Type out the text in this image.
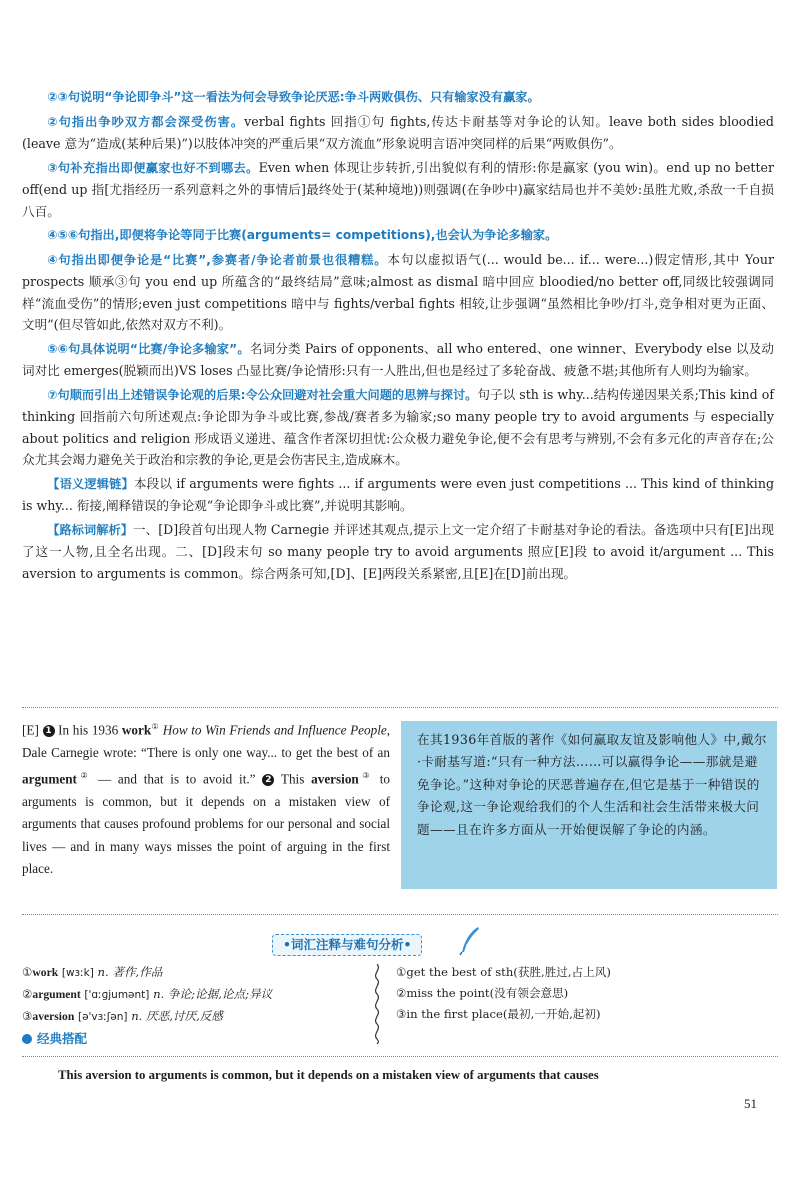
②③句说明“争论即争斗”这一看法为何会导致争论厌恶:争斗两败俱伤、只有输家没有赢家。

②句指出争吵双方都会深受伤害。verbal fights 回指①句 fights,传达卡耐基等对争论的认知。leave both sides bloodied (leave 意为“造成(某种后果)”)以肢体冲突的严重后果“双方流血”形象说明言语冲突同样的后果“两败俱伤”。

③句补充指出即便赢家也好不到哪去。Even when 体现让步转折,引出貌似有利的情形:你是赢家 (you win)。end up no better off(end up 指[尤指经历一系列意料之外的事情后]最终处于(某种境地))则强调(在争吵中)赢家结局也并不美妙:虽胜尤败,杀敌一千自损八百。

④⑤⑥句指出,即便将争论等同于比赛(arguments= competitions),也会认为争论多输家。

④句指出即便争论是“比赛”,参赛者/争论者前景也很糟糕。本句以虚拟语气(... would be... if... were...)假定情形,其中 Your prospects 顺承③句 you end up 所蕴含的“最终结局”意味;almost as dismal 暗中回应 bloodied/no better off,同级比较强调同样“流血受伤”的情形;even just competitions 暗中与 fights/verbal fights 相较,让步强调“虽然相比争吵/打斗,竞争相对更为正面、文明”(但尽管如此,依然对双方不利)。

⑤⑥句具体说明“比赛/争论多输家”。名词分类 Pairs of opponents、all who entered、one winner、Everybody else 以及动词对比 emerges(脱颖而出)VS loses 凸显比赛/争论情形:只有一人胜出,但也是经过了多轮奋战、疲惫不堪;其他所有人则均为输家。

⑦句顺而引出上述错误争论观的后果:令公众回避对社会重大问题的思辨与探讨。句子以 sth is why...结构传递因果关系;This kind of thinking 回指前六句所述观点:争论即为争斗或比赛,参战/赛者多为输家;so many people try to avoid arguments 与 especially about politics and religion 形成语义递进、蕴含作者深切担忧:公众极力避免争论,便不会有思考与辨别,不会有多元化的声音存在;公众尤其会竭力避免关于政治和宗教的争论,更是会伤害民主,造成麻木。

【语义逻辑链】本段以 if arguments were fights ... if arguments were even just competitions ... This kind of thinking is why... 衔接,阐释错误的争论观“争论即争斗或比赛”,并说明其影响。

【路标词解析】一、[D]段首句出现人物 Carnegie 并评述其观点,提示上文一定介绍了卡耐基对争论的看法。备选项中只有[E]出现了这一人物,且全名出现。二、[D]段末句 so many people try to avoid arguments 照应[E]段 to avoid it/argument ... This aversion to arguments is common。综合两条可知,[D]、[E]两段关系紧密,且[E]在[D]前出现。

[E] 1 In his 1936 work① How to Win Friends and Influence People, Dale Carnegie wrote: “There is only one way... to get the best of an argument② — and that is to avoid it.” 2 This aversion③ to arguments is common, but it depends on a mistaken view of arguments that causes profound problems for our personal and social lives — and in many ways misses the point of arguing in the first place.

在其1936年首版的著作《如何赢取友谊及影响他人》中,戴尔·卡耐基写道:“只有一种方法……可以赢得争论——那就是避免争论。”这种对争论的厌恶普遍存在,但它是基于一种错误的争论观,这一争论观给我们的个人生活和社会生活带来极大问题——且在许多方面从一开始便误解了争论的内涵。

•词汇注释与难句分析•
①work [wɜːk] n. 著作,作品
②argument ['ɑːɡjumənt] n. 争论;论据,论点;异议
③aversion [ə'vɜːʃən] n. 厌恶,讨厌,反感
①get the best of sth(获胜,胜过,占上风)
②miss the point(没有领会意思)
③in the first place(最初,一开始,起初)
经典搭配
This aversion to arguments is common, but it depends on a mistaken view of arguments that causes
51
